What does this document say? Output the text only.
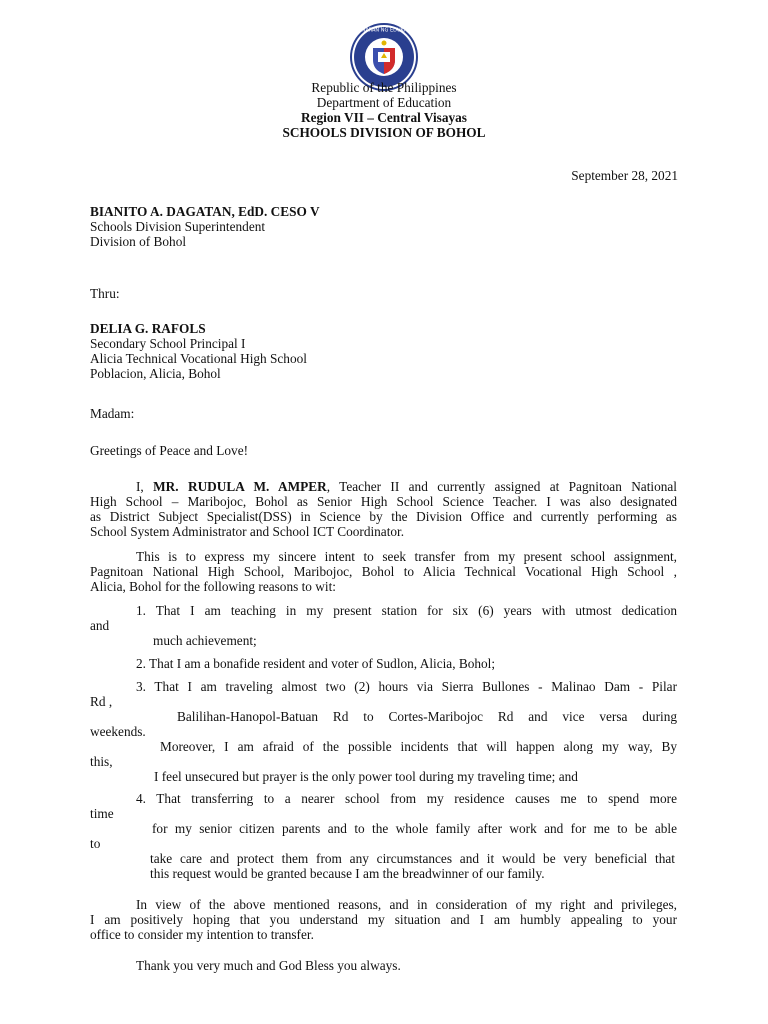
KAGAWARAN NG EDUKASYON
Republic of the Philippines
Department of Education
Region VII – Central Visayas
SCHOOLS DIVISION OF BOHOL
September 28, 2021
BIANITO A. DAGATAN, EdD. CESO V
Schools Division Superintendent
Division of Bohol
Thru:
DELIA G. RAFOLS
Secondary School Principal I
Alicia Technical Vocational High School
Poblacion, Alicia, Bohol
Madam:
Greetings of Peace and Love!
I, MR. RUDULA M. AMPER, Teacher II and currently assigned at Pagnitoan National
High School – Maribojoc, Bohol as Senior High School Science Teacher. I was also designated
as District Subject Specialist(DSS) in Science by the Division Office and currently performing as
School System Administrator and School ICT Coordinator.
This is to express my sincere intent to seek transfer from my present school assignment,
Pagnitoan National High School, Maribojoc, Bohol to Alicia Technical Vocational High School ,
Alicia, Bohol for the following reasons to wit:
1. That I am teaching in my present station for six (6) years with utmost dedication
and
much achievement;
2. That I am a bonafide resident and voter of Sudlon, Alicia, Bohol;
3. That I am traveling almost two (2) hours via Sierra Bullones - Malinao Dam - Pilar
Rd ,
Balilihan-Hanopol-Batuan Rd to Cortes-Maribojoc Rd and vice versa during
weekends.
Moreover, I am afraid of the possible incidents that will happen along my way, By
this,
I feel unsecured but prayer is the only power tool during my traveling time; and
4. That transferring to a nearer school from my residence causes me to spend more
time
for my senior citizen parents and to the whole family after work and for me to be able
to
take care and protect them from any circumstances and it would be very beneficial that
this request would be granted because I am the breadwinner of our family.
In view of the above mentioned reasons, and in consideration of my right and privileges,
I am positively hoping that you understand my situation and I am humbly appealing to your
office to consider my intention to transfer.
Thank you very much and God Bless you always.
